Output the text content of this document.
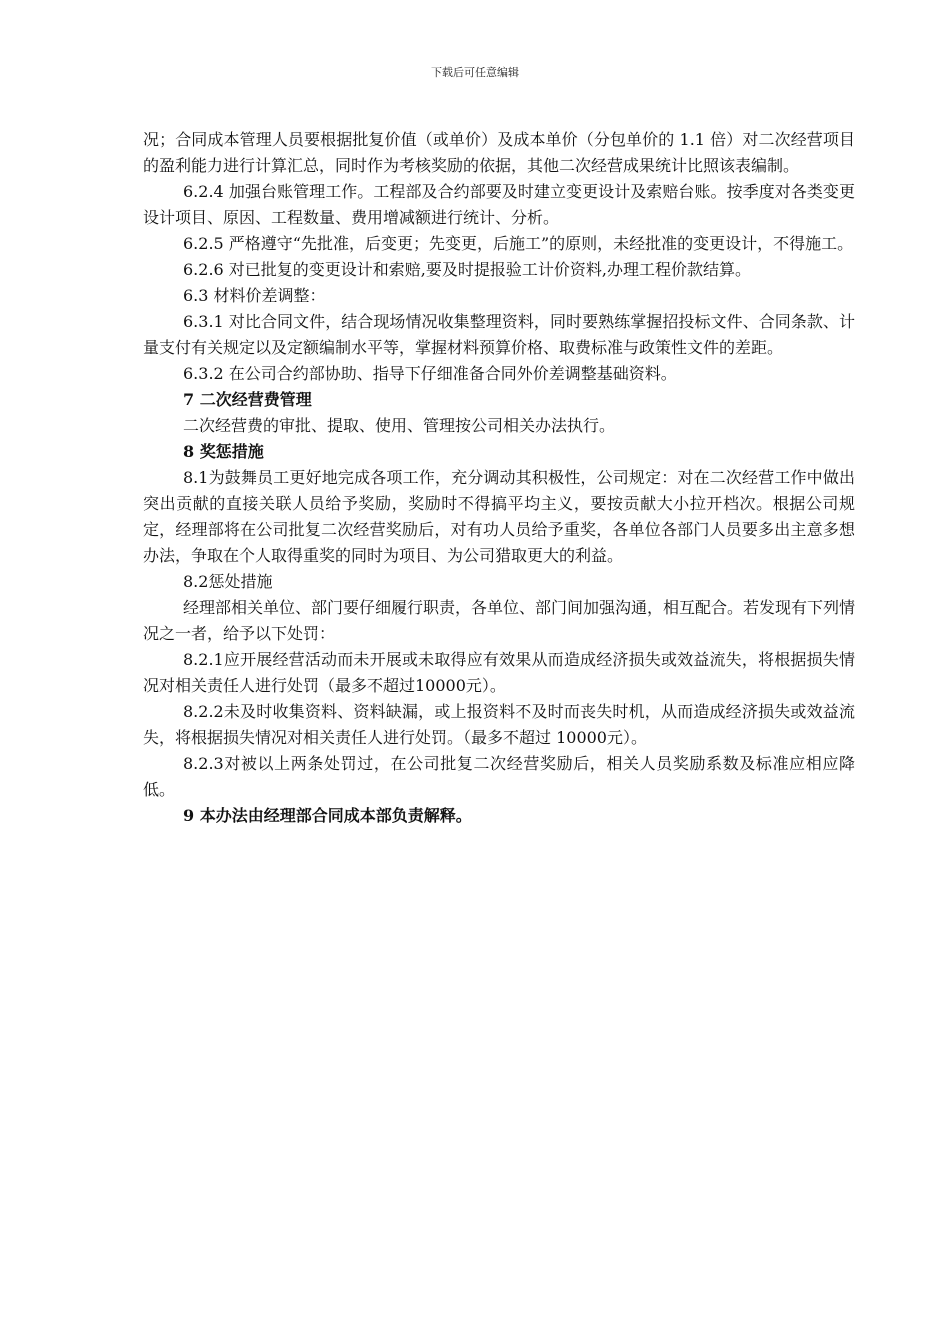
下载后可任意编辑

况；合同成本管理人员要根据批复价值（或单价）及成本单价（分包单价的 1.1 倍）对二次经营项目的盈利能力进行计算汇总，同时作为考核奖励的依据，其他二次经营成果统计比照该表编制。

6.2.4 加强台账管理工作。工程部及合约部要及时建立变更设计及索赔台账。按季度对各类变更设计项目、原因、工程数量、费用增减额进行统计、分析。

6.2.5 严格遵守“先批准，后变更；先变更，后施工”的原则，未经批准的变更设计，不得施工。

6.2.6 对已批复的变更设计和索赔,要及时提报验工计价资料,办理工程价款结算。

6.3 材料价差调整：

6.3.1 对比合同文件，结合现场情况收集整理资料，同时要熟练掌握招投标文件、合同条款、计量支付有关规定以及定额编制水平等，掌握材料预算价格、取费标准与政策性文件的差距。

6.3.2 在公司合约部协助、指导下仔细准备合同外价差调整基础资料。

7 二次经营费管理

二次经营费的审批、提取、使用、管理按公司相关办法执行。

8 奖惩措施

8.1为鼓舞员工更好地完成各项工作，充分调动其积极性，公司规定：对在二次经营工作中做出突出贡献的直接关联人员给予奖励，奖励时不得搞平均主义，要按贡献大小拉开档次。根据公司规定，经理部将在公司批复二次经营奖励后，对有功人员给予重奖，各单位各部门人员要多出主意多想办法，争取在个人取得重奖的同时为项目、为公司猎取更大的利益。

8.2惩处措施

经理部相关单位、部门要仔细履行职责，各单位、部门间加强沟通，相互配合。若发现有下列情况之一者，给予以下处罚：

8.2.1应开展经营活动而未开展或未取得应有效果从而造成经济损失或效益流失，将根据损失情况对相关责任人进行处罚（最多不超过10000元）。

8.2.2未及时收集资料、资料缺漏，或上报资料不及时而丧失时机，从而造成经济损失或效益流失，将根据损失情况对相关责任人进行处罚。（最多不超过 10000元）。

8.2.3对被以上两条处罚过，在公司批复二次经营奖励后，相关人员奖励系数及标准应相应降低。

9 本办法由经理部合同成本部负责解释。
